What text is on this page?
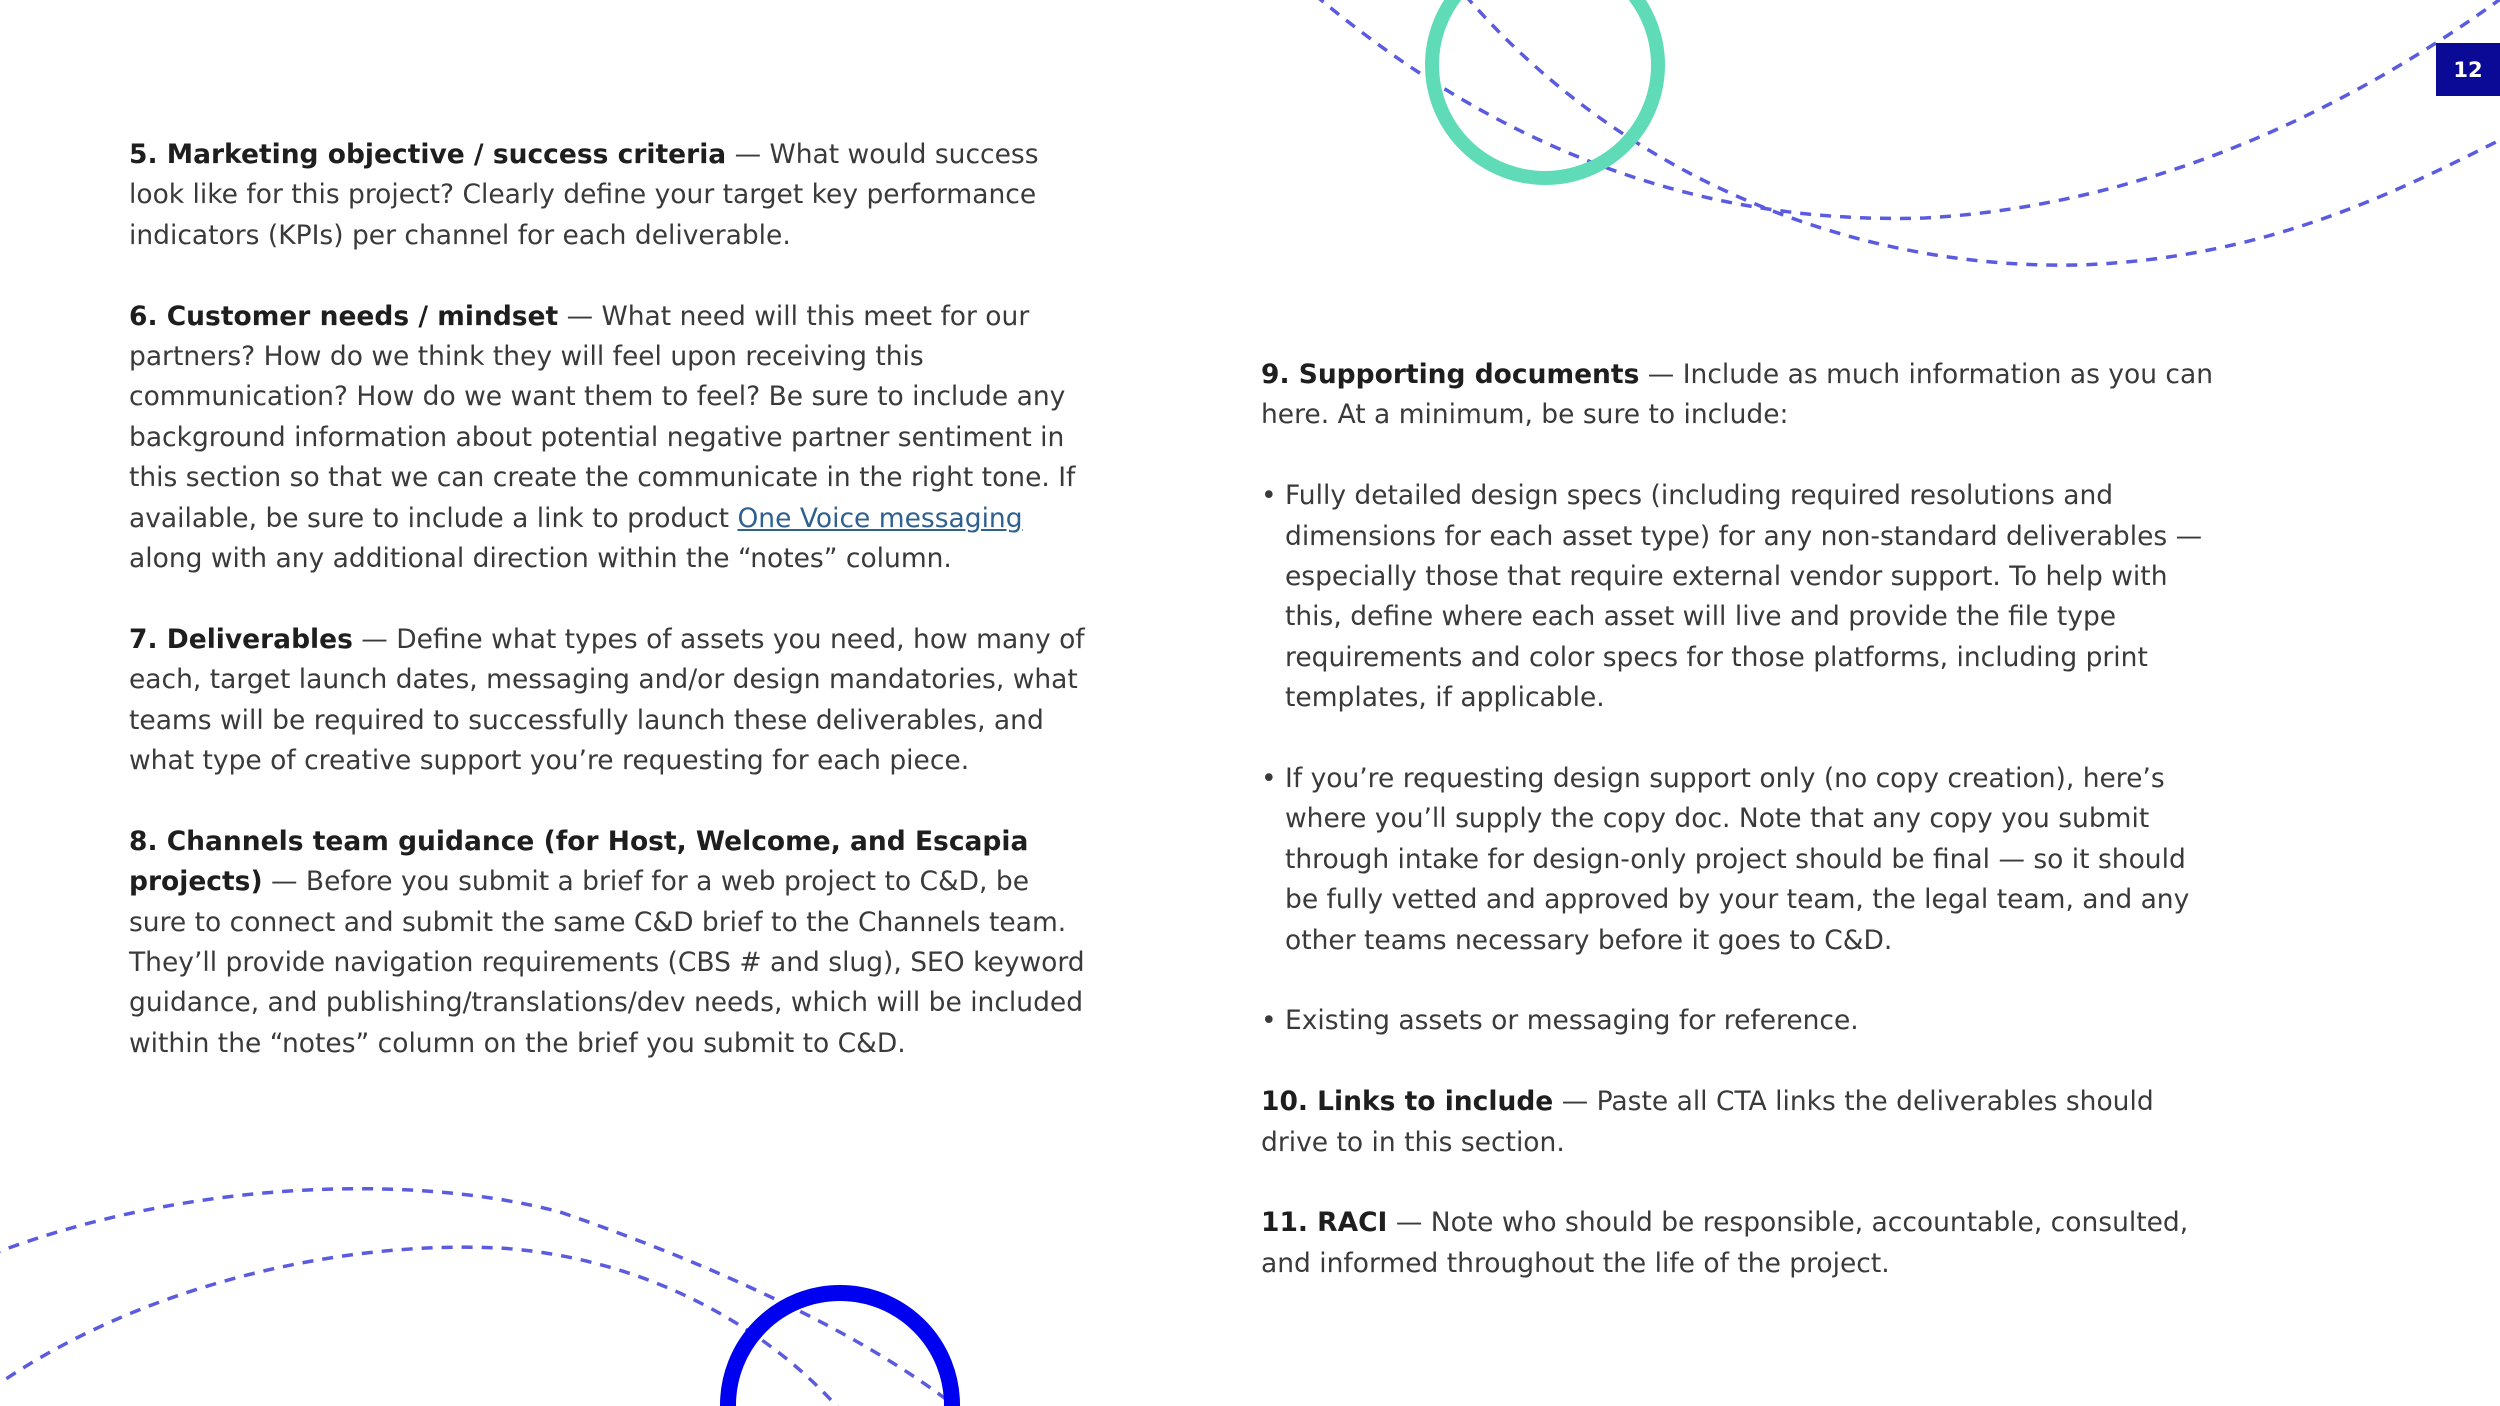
12

5. Marketing objective / success criteria — What would success look like for this project? Clearly define your target key performance indicators (KPIs) per channel for each deliverable.

6. Customer needs / mindset — What need will this meet for our partners? How do we think they will feel upon receiving this communication? How do we want them to feel? Be sure to include any background information about potential negative partner sentiment in this section so that we can create the communicate in the right tone. If available, be sure to include a link to product One Voice messaging along with any additional direction within the “notes” column.

7. Deliverables — Define what types of assets you need, how many of each, target launch dates, messaging and/or design mandatories, what teams will be required to successfully launch these deliverables, and what type of creative support you’re requesting for each piece.

8. Channels team guidance (for Host, Welcome, and Escapia projects) — Before you submit a brief for a web project to C&D, be sure to connect and submit the same C&D brief to the Channels team. They’ll provide navigation requirements (CBS # and slug), SEO keyword guidance, and publishing/translations/dev needs, which will be included within the “notes” column on the brief you submit to C&D.

9. Supporting documents — Include as much information as you can here. At a minimum, be sure to include:

• Fully detailed design specs (including required resolutions and dimensions for each asset type) for any non-standard deliverables — especially those that require external vendor support. To help with this, define where each asset will live and provide the file type requirements and color specs for those platforms, including print templates, if applicable.
• If you’re requesting design support only (no copy creation), here’s where you’ll supply the copy doc. Note that any copy you submit through intake for design-only project should be final — so it should be fully vetted and approved by your team, the legal team, and any other teams necessary before it goes to C&D.
• Existing assets or messaging for reference.

10. Links to include — Paste all CTA links the deliverables should drive to in this section.

11. RACI — Note who should be responsible, accountable, consulted, and informed throughout the life of the project.
